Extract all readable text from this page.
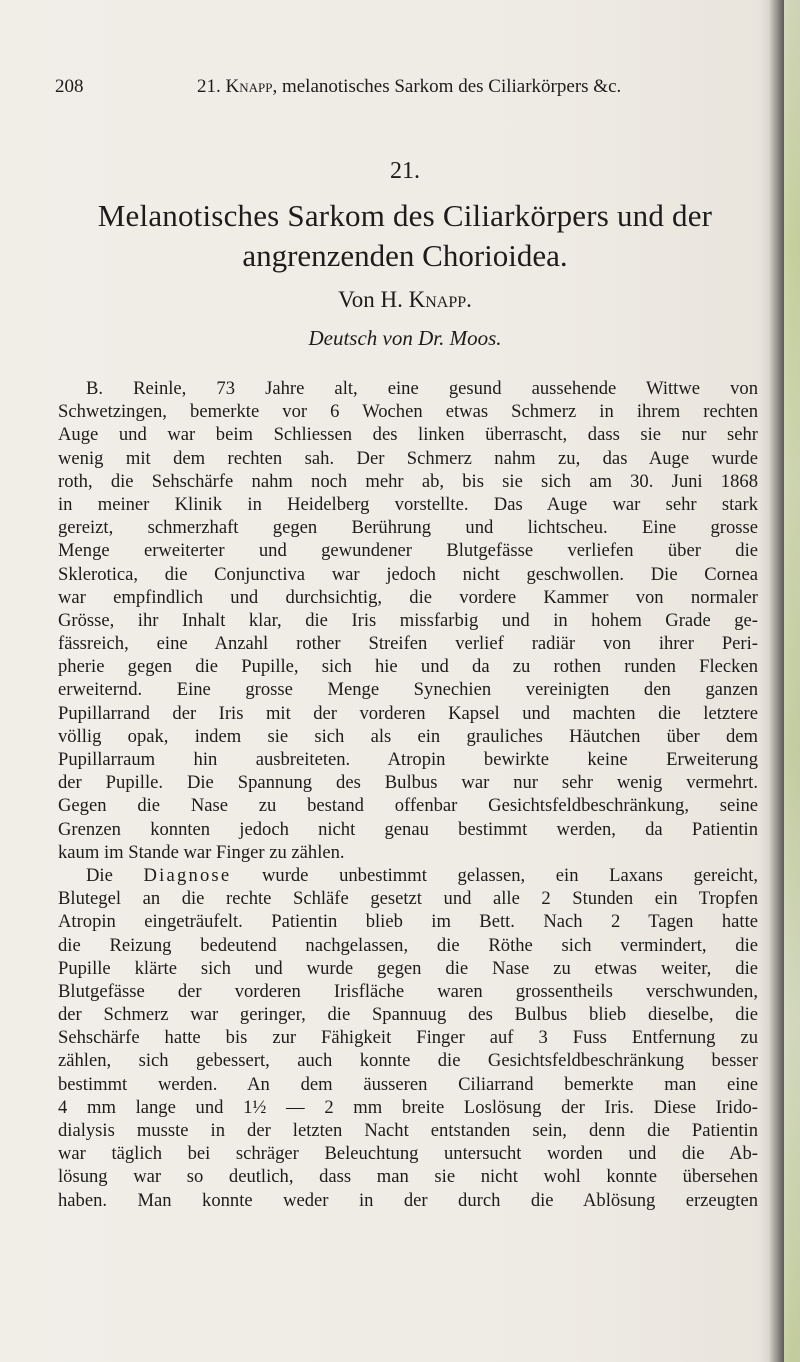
208	21. Knapp, melanotisches Sarkom des Ciliarkörpers &c.

21.
Melanotisches Sarkom des Ciliarkörpers und der
angrenzenden Chorioidea.
Von H. Knapp.
Deutsch von Dr. Moos.
B. Reinle, 73 Jahre alt, eine gesund aussehende Wittwe von
Schwetzingen, bemerkte vor 6 Wochen etwas Schmerz in ihrem rechten
Auge und war beim Schliessen des linken überrascht, dass sie nur sehr
wenig mit dem rechten sah. Der Schmerz nahm zu, das Auge wurde
roth, die Sehschärfe nahm noch mehr ab, bis sie sich am 30. Juni 1868
in meiner Klinik in Heidelberg vorstellte. Das Auge war sehr stark
gereizt, schmerzhaft gegen Berührung und lichtscheu. Eine grosse
Menge erweiterter und gewundener Blutgefässe verliefen über die
Sklerotica, die Conjunctiva war jedoch nicht geschwollen. Die Cornea
war empfindlich und durchsichtig, die vordere Kammer von normaler
Grösse, ihr Inhalt klar, die Iris missfarbig und in hohem Grade ge-
fässreich, eine Anzahl rother Streifen verlief radiär von ihrer Peri-
pherie gegen die Pupille, sich hie und da zu rothen runden Flecken
erweiternd. Eine grosse Menge Synechien vereinigten den ganzen
Pupillarrand der Iris mit der vorderen Kapsel und machten die letztere
völlig opak, indem sie sich als ein grauliches Häutchen über dem
Pupillarraum hin ausbreiteten. Atropin bewirkte keine Erweiterung
der Pupille. Die Spannung des Bulbus war nur sehr wenig vermehrt.
Gegen die Nase zu bestand offenbar Gesichtsfeldbeschränkung, seine
Grenzen konnten jedoch nicht genau bestimmt werden, da Patientin
kaum im Stande war Finger zu zählen.
Die Diagnose wurde unbestimmt gelassen, ein Laxans gereicht,
Blutegel an die rechte Schläfe gesetzt und alle 2 Stunden ein Tropfen
Atropin eingeträufelt. Patientin blieb im Bett. Nach 2 Tagen hatte
die Reizung bedeutend nachgelassen, die Röthe sich vermindert, die
Pupille klärte sich und wurde gegen die Nase zu etwas weiter, die
Blutgefässe der vorderen Irisfläche waren grossentheils verschwunden,
der Schmerz war geringer, die Spannuug des Bulbus blieb dieselbe, die
Sehschärfe hatte bis zur Fähigkeit Finger auf 3 Fuss Entfernung zu
zählen, sich gebessert, auch konnte die Gesichtsfeldbeschränkung besser
bestimmt werden. An dem äusseren Ciliarrand bemerkte man eine
4 mm lange und 1½ — 2 mm breite Loslösung der Iris. Diese Irido-
dialysis musste in der letzten Nacht entstanden sein, denn die Patientin
war täglich bei schräger Beleuchtung untersucht worden und die Ab-
lösung war so deutlich, dass man sie nicht wohl konnte übersehen
haben. Man konnte weder in der durch die Ablösung erzeugten
